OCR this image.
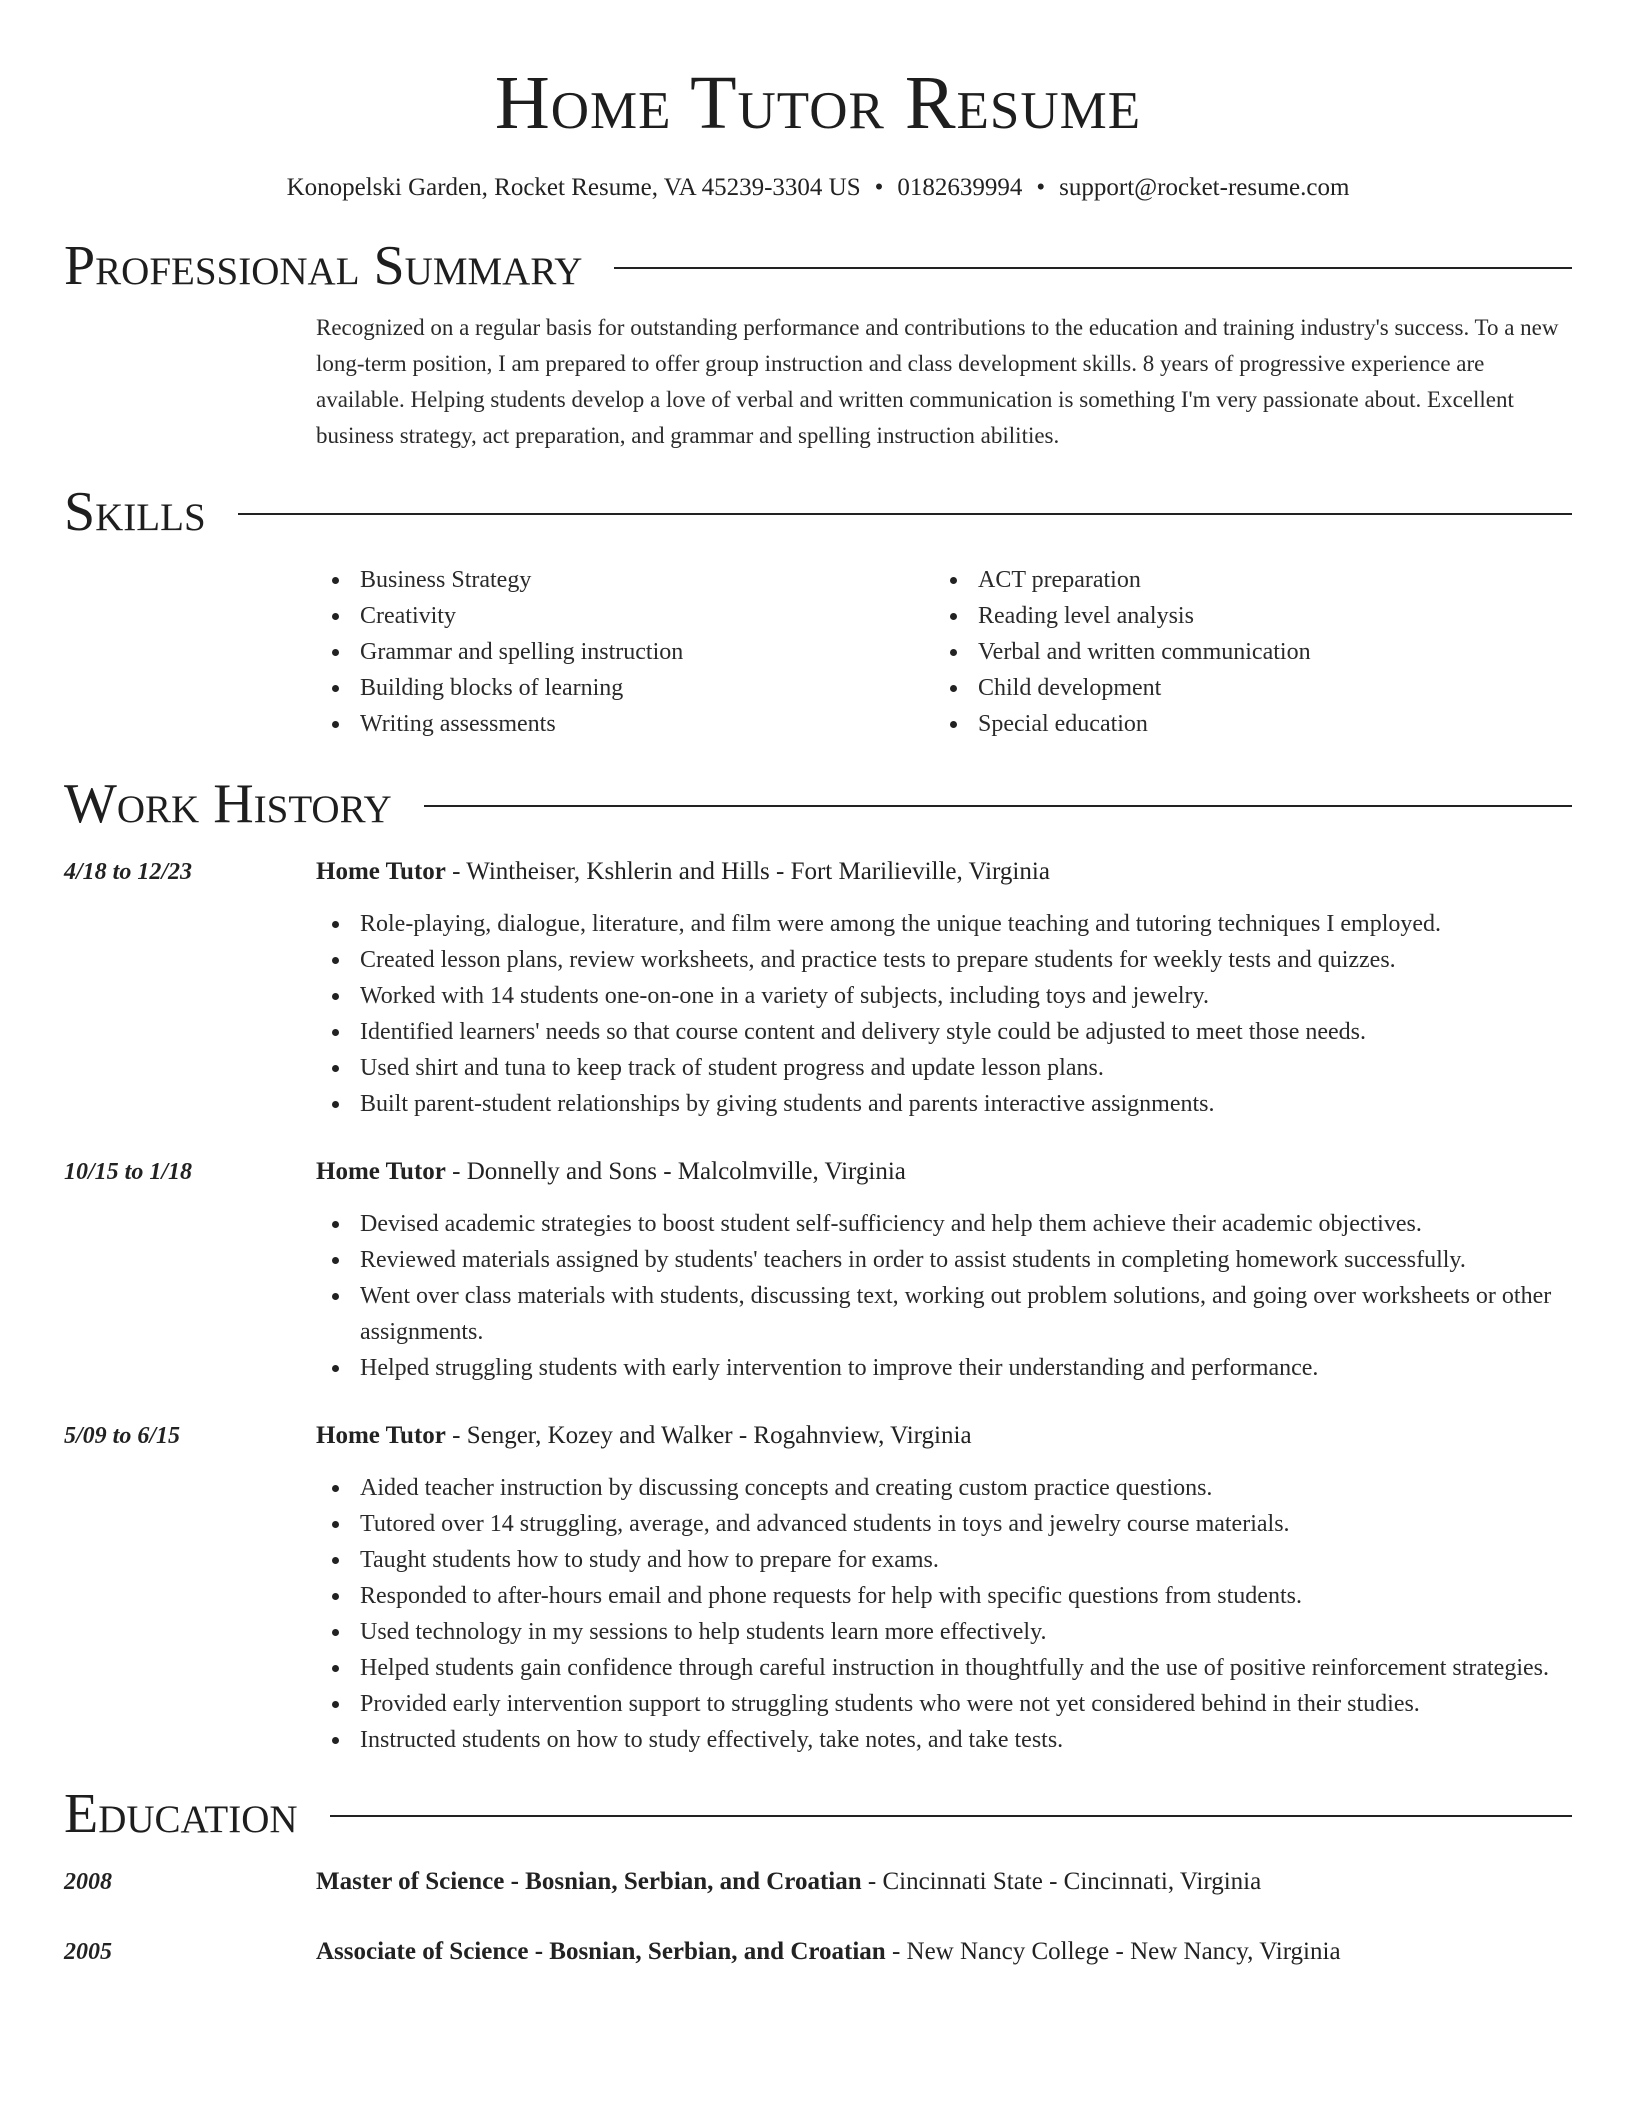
Home Tutor Resume
Konopelski Garden, Rocket Resume, VA 45239-3304 US • 0182639994 • support@rocket-resume.com
Professional Summary

Recognized on a regular basis for outstanding performance and contributions to the education and training industry's success. To a new long-term position, I am prepared to offer group instruction and class development skills. 8 years of progressive experience are available. Helping students develop a love of verbal and written communication is something I'm very passionate about. Excellent business strategy, act preparation, and grammar and spelling instruction abilities.

Skills
Business Strategy
Creativity
Grammar and spelling instruction
Building blocks of learning
Writing assessments
ACT preparation
Reading level analysis
Verbal and written communication
Child development
Special education
Work History
4/18 to 12/23	Home Tutor - Wintheiser, Kshlerin and Hills - Fort Marilieville, Virginia
Role-playing, dialogue, literature, and film were among the unique teaching and tutoring techniques I employed.
Created lesson plans, review worksheets, and practice tests to prepare students for weekly tests and quizzes.
Worked with 14 students one-on-one in a variety of subjects, including toys and jewelry.
Identified learners' needs so that course content and delivery style could be adjusted to meet those needs.
Used shirt and tuna to keep track of student progress and update lesson plans.
Built parent-student relationships by giving students and parents interactive assignments.
10/15 to 1/18	Home Tutor - Donnelly and Sons - Malcolmville, Virginia
Devised academic strategies to boost student self-sufficiency and help them achieve their academic objectives.
Reviewed materials assigned by students' teachers in order to assist students in completing homework successfully.
Went over class materials with students, discussing text, working out problem solutions, and going over worksheets or other assignments.
Helped struggling students with early intervention to improve their understanding and performance.
5/09 to 6/15	Home Tutor - Senger, Kozey and Walker - Rogahnview, Virginia
Aided teacher instruction by discussing concepts and creating custom practice questions.
Tutored over 14 struggling, average, and advanced students in toys and jewelry course materials.
Taught students how to study and how to prepare for exams.
Responded to after-hours email and phone requests for help with specific questions from students.
Used technology in my sessions to help students learn more effectively.
Helped students gain confidence through careful instruction in thoughtfully and the use of positive reinforcement strategies.
Provided early intervention support to struggling students who were not yet considered behind in their studies.
Instructed students on how to study effectively, take notes, and take tests.
Education
2008	Master of Science - Bosnian, Serbian, and Croatian - Cincinnati State - Cincinnati, Virginia
2005	Associate of Science - Bosnian, Serbian, and Croatian - New Nancy College - New Nancy, Virginia
